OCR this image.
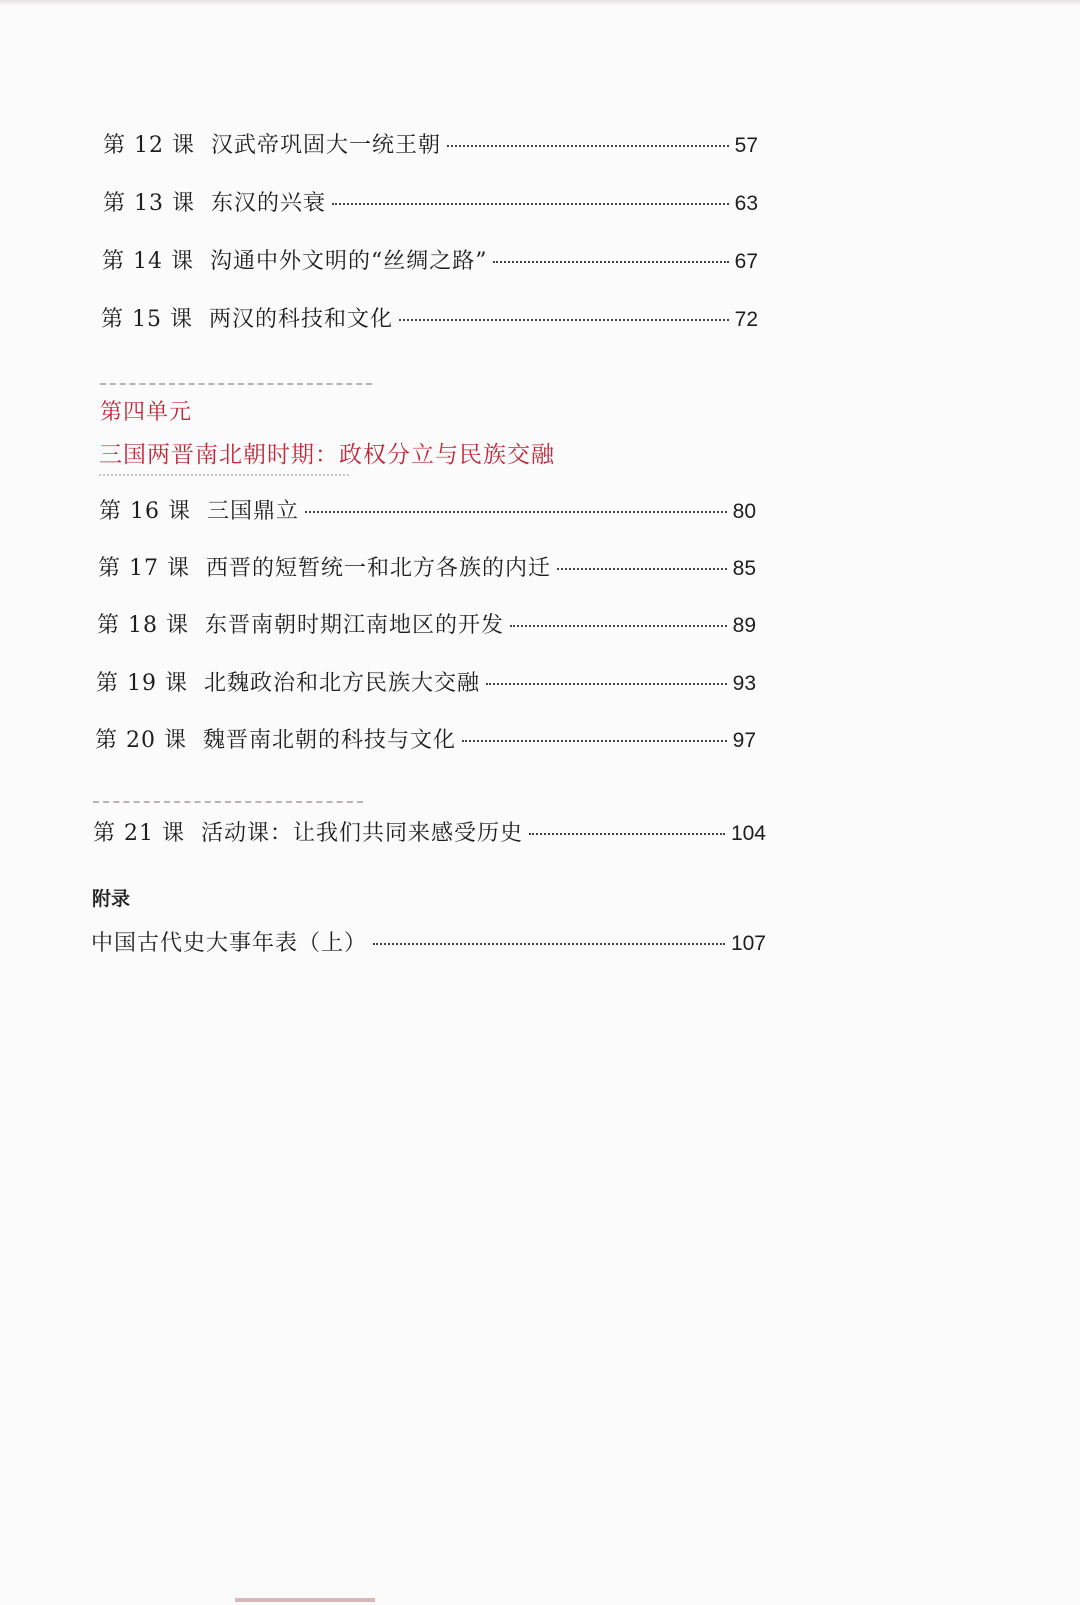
第 12 课 汉武帝巩固大一统王朝	57
第 13 课 东汉的兴衰	63
第 14 课 沟通中外文明的“丝绸之路”	67
第 15 课 两汉的科技和文化	72
第四单元
三国两晋南北朝时期：政权分立与民族交融
第 16 课 三国鼎立	80
第 17 课 西晋的短暂统一和北方各族的内迁	85
第 18 课 东晋南朝时期江南地区的开发	89
第 19 课 北魏政治和北方民族大交融	93
第 20 课 魏晋南北朝的科技与文化	97
第 21 课 活动课：让我们共同来感受历史	104
附录
中国古代史大事年表（上）	107
